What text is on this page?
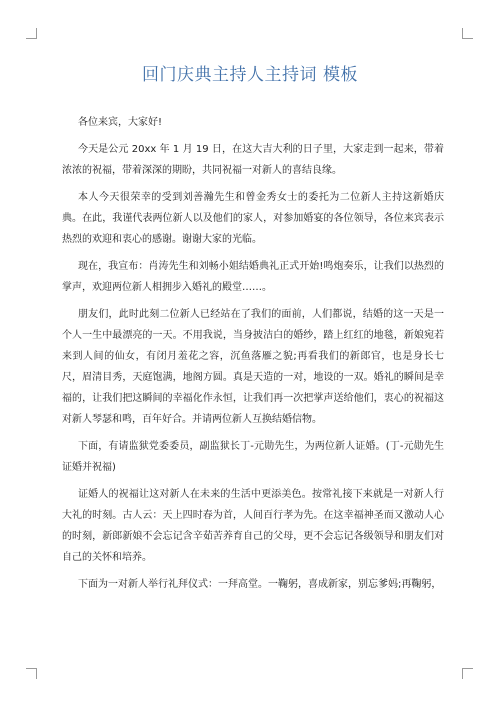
回门庆典主持人主持词 模板

各位来宾，大家好!

今天是公元 20xx 年 1 月 19 日，在这大吉大利的日子里，大家走到一起来，带着浓浓的祝福，带着深深的期盼，共同祝福一对新人的喜结良缘。

本人今天很荣幸的受到刘善瀚先生和曾金秀女士的委托为二位新人主持这新婚庆典。在此，我谨代表两位新人以及他们的家人，对参加婚宴的各位领导，各位来宾表示热烈的欢迎和衷心的感谢。谢谢大家的光临。

现在，我宣布：肖涛先生和刘畅小姐结婚典礼正式开始!鸣炮奏乐，让我们以热烈的掌声，欢迎两位新人相拥步入婚礼的殿堂……。

朋友们，此时此刻二位新人已经站在了我们的面前，人们都说，结婚的这一天是一个人一生中最漂亮的一天。不用我说，当身披洁白的婚纱，踏上红红的地毯，新娘宛若来到人间的仙女，有闭月羞花之容，沉鱼落雁之貌;再看我们的新郎官，也是身长七尺，眉清目秀，天庭饱满，地阁方圆。真是天造的一对，地设的一双。婚礼的瞬间是幸福的，让我们把这瞬间的幸福化作永恒，让我们再一次把掌声送给他们，衷心的祝福这对新人琴瑟和鸣，百年好合。并请两位新人互换结婚信物。

下面，有请监狱党委委员，副监狱长丁-元勋先生，为两位新人证婚。(丁-元勋先生证婚并祝福)

证婚人的祝福让这对新人在未来的生活中更添美色。按常礼接下来就是一对新人行大礼的时刻。古人云：天上四时春为首，人间百行孝为先。在这幸福神圣而又激动人心的时刻，新郎新娘不会忘记含辛茹苦养育自己的父母，更不会忘记各级领导和朋友们对自己的关怀和培养。

下面为一对新人举行礼拜仪式：一拜高堂。一鞠躬，喜成新家，别忘爹妈;再鞠躬，
